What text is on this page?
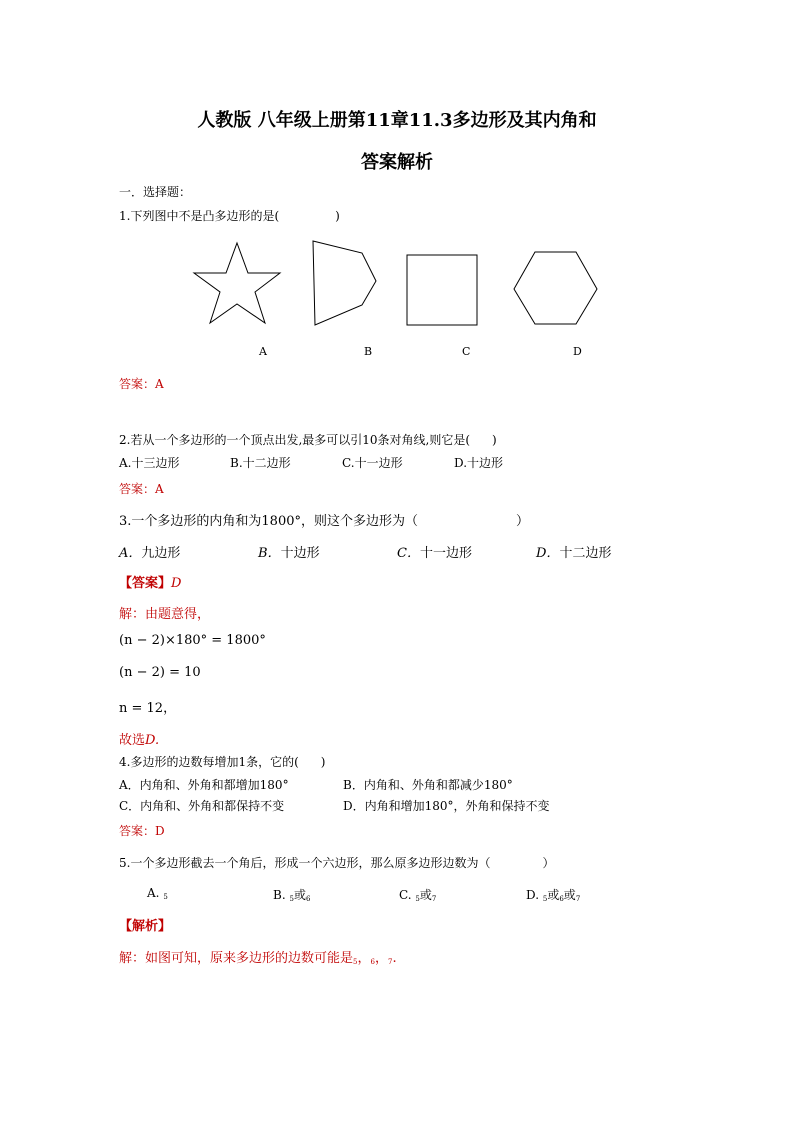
人教版 八年级上册第11章11.3多边形及其内角和
答案解析
一．选择题：
1.下列图中不是凸多边形的是(	)
A	B	C	D
答案：A
2.若从一个多边形的一个顶点出发,最多可以引10条对角线,则它是( )
A.十三边形	B.十二边形	C.十一边形	D.十边形
答案：A
3.一个多边形的内角和为1800°，则这个多边形为（	）
A．九边形	B．十边形	C．十一边形	D．十二边形
【答案】D
解：由题意得，
(n − 2)×180° = 1800°
(n − 2) = 10
n = 12，
故选D.
4.多边形的边数每增加1条，它的( )
A．内角和、外角和都增加180°	B．内角和、外角和都减少180°
C．内角和、外角和都保持不变	D．内角和增加180°，外角和保持不变
答案：D
5.一个多边形截去一个角后，形成一个六边形，那么原多边形边数为（	）
A. $_5$	B. $_5$或$_6$	C. $_5$或$_7$	D. $_5$或$_6$或$_7$
【解析】
解：如图可知，原来多边形的边数可能是$_5$，$_6$，$_7$.
